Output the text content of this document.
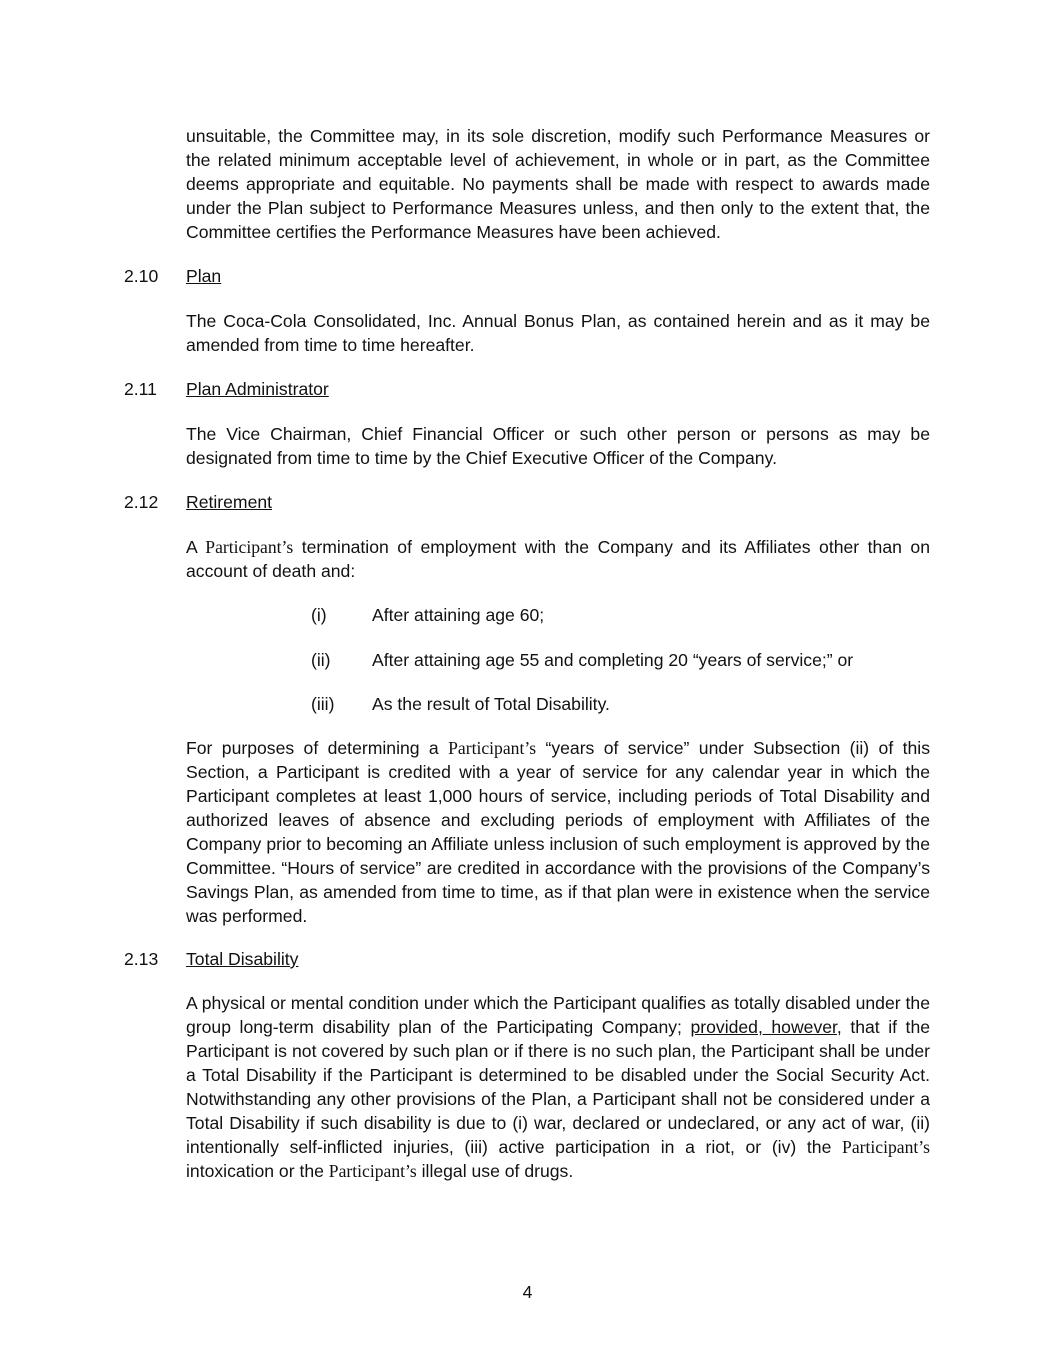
unsuitable, the Committee may, in its sole discretion, modify such Performance Measures or the related minimum acceptable level of achievement, in whole or in part, as the Committee deems appropriate and equitable. No payments shall be made with respect to awards made under the Plan subject to Performance Measures unless, and then only to the extent that, the Committee certifies the Performance Measures have been achieved.

2.10 Plan

The Coca-Cola Consolidated, Inc. Annual Bonus Plan, as contained herein and as it may be amended from time to time hereafter.

2.11 Plan Administrator

The Vice Chairman, Chief Financial Officer or such other person or persons as may be designated from time to time by the Chief Executive Officer of the Company.

2.12 Retirement

A Participant’s termination of employment with the Company and its Affiliates other than on account of death and:

(i)	After attaining age 60;
(ii) After attaining age 55 and completing 20 “years of service;” or
(iii) As the result of Total Disability.

For purposes of determining a Participant’s “years of service” under Subsection (ii) of this Section, a Participant is credited with a year of service for any calendar year in which the Participant completes at least 1,000 hours of service, including periods of Total Disability and authorized leaves of absence and excluding periods of employment with Affiliates of the Company prior to becoming an Affiliate unless inclusion of such employment is approved by the Committee. “Hours of service” are credited in accordance with the provisions of the Company’s Savings Plan, as amended from time to time, as if that plan were in existence when the service was performed.

2.13 Total Disability

A physical or mental condition under which the Participant qualifies as totally disabled under the group long-term disability plan of the Participating Company; provided, however, that if the Participant is not covered by such plan or if there is no such plan, the Participant shall be under a Total Disability if the Participant is determined to be disabled under the Social Security Act. Notwithstanding any other provisions of the Plan, a Participant shall not be considered under a Total Disability if such disability is due to (i) war, declared or undeclared, or any act of war, (ii) intentionally self-inflicted injuries, (iii) active participation in a riot, or (iv) the Participant’s intoxication or the Participant’s illegal use of drugs.

4
